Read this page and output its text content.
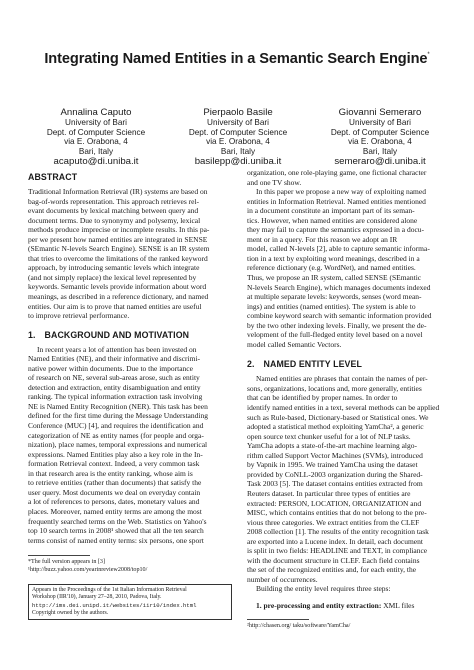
Integrating Named Entities in a Semantic Search Engine*
Annalina Caputo
University of Bari
Dept. of Computer Science
via E. Orabona, 4
Bari, Italy
acaputo@di.uniba.it
Pierpaolo Basile
University of Bari
Dept. of Computer Science
via E. Orabona, 4
Bari, Italy
basilepp@di.uniba.it
Giovanni Semeraro
University of Bari
Dept. of Computer Science
via E. Orabona, 4
Bari, Italy
semeraro@di.uniba.it
ABSTRACT
Traditional Information Retrieval (IR) systems are based on
bag-of-words representation. This approach retrieves rel-
evant documents by lexical matching between query and
document terms. Due to synonymy and polysemy, lexical
methods produce imprecise or incomplete results. In this pa-
per we present how named entities are integrated in SENSE
(SEmantic N-levels Search Engine). SENSE is an IR system
that tries to overcome the limitations of the ranked keyword
approach, by introducing semantic levels which integrate
(and not simply replace) the lexical level represented by
keywords. Semantic levels provide information about word
meanings, as described in a reference dictionary, and named
entities. Our aim is to prove that named entities are useful
to improve retrieval performance.
1. BACKGROUND AND MOTIVATION
In recent years a lot of attention has been invested on
Named Entities (NE), and their informative and discrimi-
native power within documents. Due to the importance
of research on NE, several sub-areas arose, such as entity
detection and extraction, entity disambiguation and entity
ranking. The typical information extraction task involving
NE is Named Entity Recognition (NER). This task has been
defined for the first time during the Message Understanding
Conference (MUC) [4], and requires the identification and
categorization of NE as entity names (for people and orga-
nization), place names, temporal expressions and numerical
expressions. Named Entities play also a key role in the In-
formation Retrieval context. Indeed, a very common task
in that research area is the entity ranking, whose aim is
to retrieve entities (rather than documents) that satisfy the
user query. Most documents we deal on everyday contain
a lot of references to persons, dates, monetary values and
places. Moreover, named entity terms are among the most
frequently searched terms on the Web. Statistics on Yahoo's
top 10 search terms in 2008¹ showed that all the ten search
terms consist of named entity terms: six persons, one sport
*The full version appears in [3]
¹http://buzz.yahoo.com/yearinreview2008/top10/
Appears in the Proceedings of the 1st Italian Information Retrieval
Workshop (IIR'10), January 27–28, 2010, Padova, Italy.
http://ims.dei.unipd.it/websites/iir10/index.html
Copyright owned by the authors.
organization, one role-playing game, one fictional character
and one TV show.
In this paper we propose a new way of exploiting named
entities in Information Retrieval. Named entities mentioned
in a document constitute an important part of its seman-
tics. However, when named entities are considered alone
they may fail to capture the semantics expressed in a docu-
ment or in a query. For this reason we adopt an IR
model, called N-levels [2], able to capture semantic informa-
tion in a text by exploiting word meanings, described in a
reference dictionary (e.g. WordNet), and named entities.
Thus, we propose an IR system, called SENSE (SEmantic
N-levels Search Engine), which manages documents indexed
at multiple separate levels: keywords, senses (word mean-
ings) and entities (named entities). The system is able to
combine keyword search with semantic information provided
by the two other indexing levels. Finally, we present the de-
velopment of the full-fledged entity level based on a novel
model called Semantic Vectors.
2. NAMED ENTITY LEVEL
Named entities are phrases that contain the names of per-
sons, organizations, locations and, more generally, entities
that can be identified by proper names. In order to
identify named entities in a text, several methods can be applied
such as Rule-based, Dictionary-based or Statistical ones. We
adopted a statistical method exploiting YamCha², a generic
open source text chunker useful for a lot of NLP tasks.
YamCha adopts a state-of-the-art machine learning algo-
rithm called Support Vector Machines (SVMs), introduced
by Vapnik in 1995. We trained YamCha using the dataset
provided by CoNLL-2003 organization during the Shared-
Task 2003 [5]. The dataset contains entities extracted from
Reuters dataset. In particular three types of entities are
extracted: PERSON, LOCATION, ORGANIZATION and
MISC, which contains entities that do not belong to the pre-
vious three categories. We extract entities from the CLEF
2008 collection [1]. The results of the entity recognition task
are exported into a Lucene index. In detail, each document
is split in two fields: HEADLINE and TEXT, in compliance
with the document structure in CLEF. Each field contains
the set of the recognized entities and, for each entity, the
number of occurrences.
Building the entity level requires three steps:
1. pre-processing and entity extraction: XML files
²http://chasen.org/ taku/software/YamCha/
